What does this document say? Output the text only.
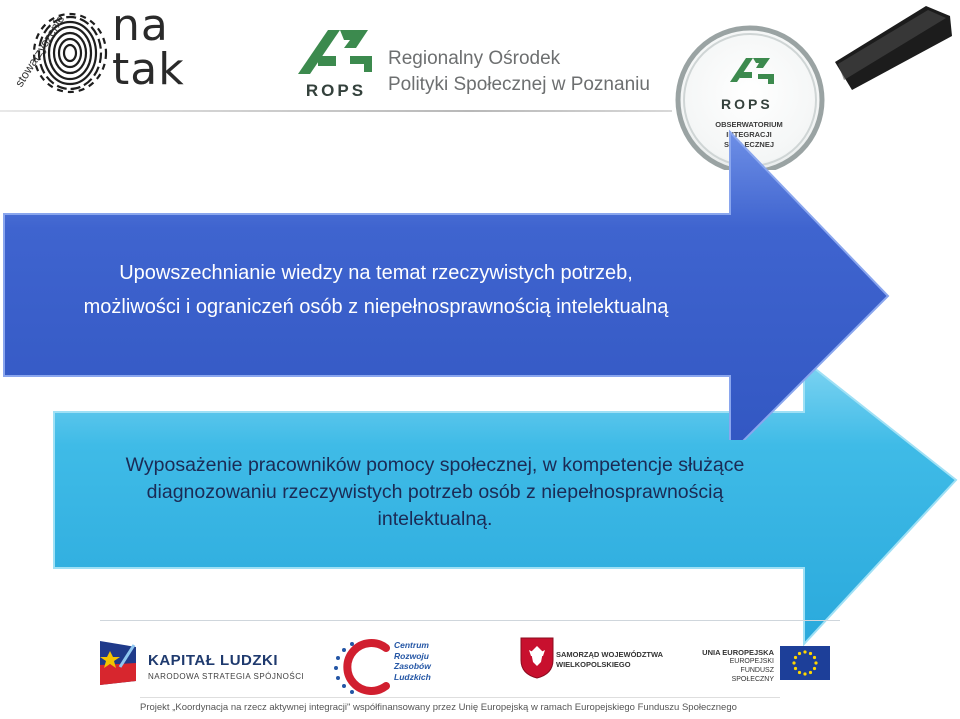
na
tak
stowarzyszenie
ROPS
Regionalny Ośrodek
Polityki Społecznej w Poznaniu
ROPS
OBSERWATORIUM
INTEGRACJI
SPOŁECZNEJ
Upowszechnianie wiedzy na temat rzeczywistych potrzeb,
możliwości i ograniczeń osób z niepełnosprawnością intelektualną
Wyposażenie pracowników pomocy społecznej, w kompetencje służące
diagnozowaniu rzeczywistych potrzeb osób z niepełnosprawnością
intelektualną.
KAPITAŁ LUDZKI
NARODOWA STRATEGIA SPÓJNOŚCI
Centrum
Rozwoju
Zasobów
Ludzkich
SAMORZĄD WOJEWÓDZTWA
WIELKOPOLSKIEGO
UNIA EUROPEJSKA
EUROPEJSKI
FUNDUSZ SPOŁECZNY
Projekt „Koordynacja na rzecz aktywnej integracji" współfinansowany przez Unię Europejską w ramach Europejskiego Funduszu Społecznego
